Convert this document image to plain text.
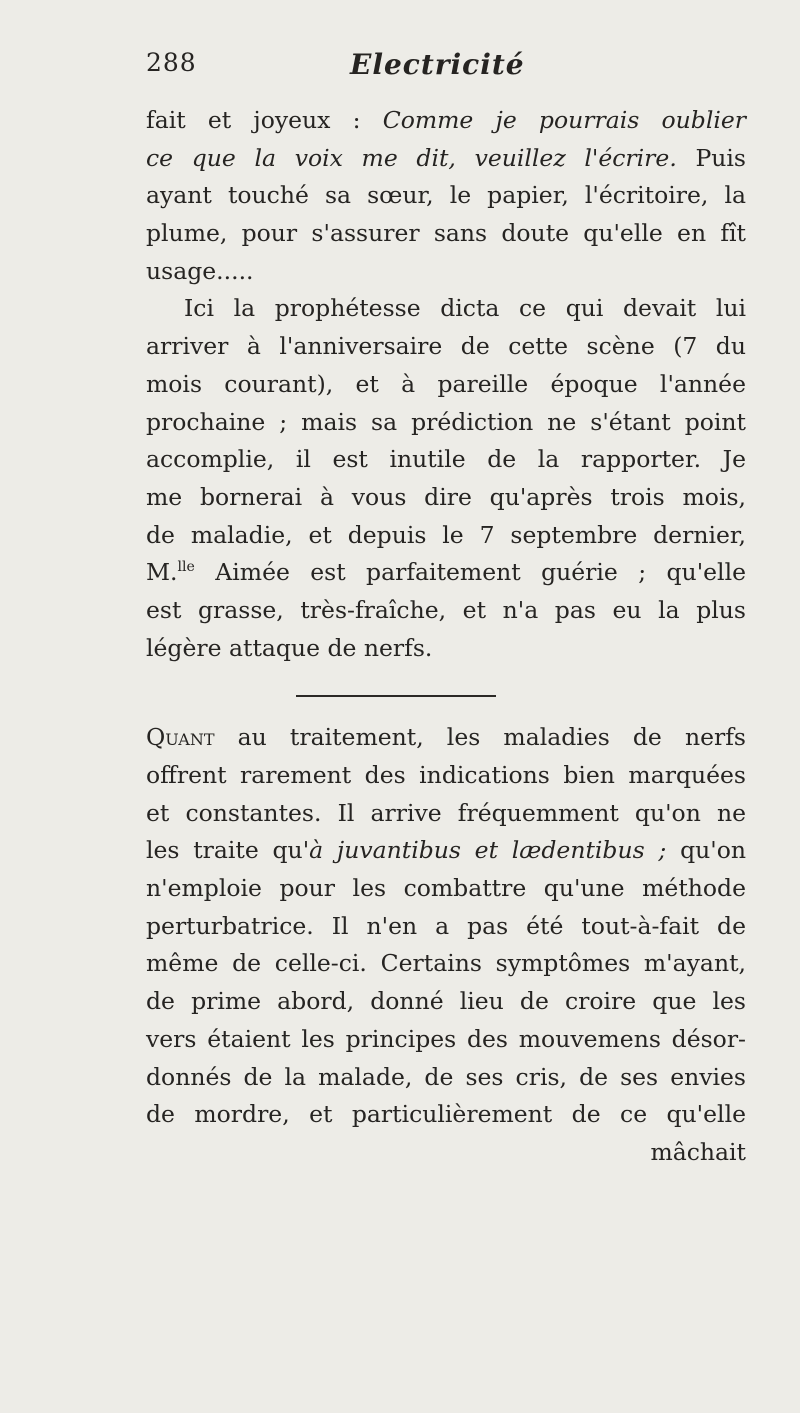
288	Electricité
fait et joyeux : Comme je pourrais oublier
ce que la voix me dit, veuillez l'écrire. Puis
ayant touché sa sœur, le papier, l'écritoire, la
plume, pour s'assurer sans doute qu'elle en fît
usage.....
Ici la prophétesse dicta ce qui devait lui
arriver à l'anniversaire de cette scène (7 du
mois courant), et à pareille époque l'année
prochaine ; mais sa prédiction ne s'étant point
accomplie, il est inutile de la rapporter. Je
me bornerai à vous dire qu'après trois mois,
de maladie, et depuis le 7 septembre dernier,
M.$^{lle}$ Aimée est parfaitement guérie ; qu'elle
est grasse, très-fraîche, et n'a pas eu la plus
légère attaque de nerfs.
Quant au traitement, les maladies de nerfs
offrent rarement des indications bien marquées
et constantes. Il arrive fréquemment qu'on ne
les traite qu'à juvantibus et lædentibus ; qu'on
n'emploie pour les combattre qu'une méthode
perturbatrice. Il n'en a pas été tout-à-fait de
même de celle-ci. Certains symptômes m'ayant,
de prime abord, donné lieu de croire que les
vers étaient les principes des mouvemens désor-
donnés de la malade, de ses cris, de ses envies
de mordre, et particulièrement de ce qu'elle
mâchait
